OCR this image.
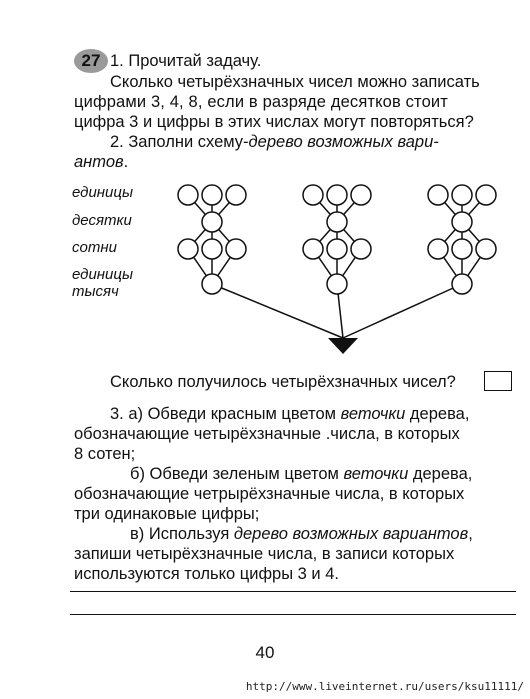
27 1. Прочитай задачу.
Сколько четырёхзначных чисел можно записать
цифрами 3, 4, 8, если в разряде десятков стоит
цифра 3 и цифры в этих числах могут повторяться?
2. Заполни схему-дерево возможных вари-
антов.
единицы
десятки
сотни
единицы
тысяч
Сколько получилось четырёхзначных чисел?
3. а) Обведи красным цветом веточки дерева,
обозначающие четырёхзначные .числа, в которых
8 сотен;
б) Обведи зеленым цветом веточки дерева,
обозначающие четрырёхзначные числа, в которых
три одинаковые цифры;
в) Используя дерево возможных вариантов,
запиши четырёхзначные числа, в записи которых
используются только цифры 3 и 4.
40
http://www.liveinternet.ru/users/ksu11111/
